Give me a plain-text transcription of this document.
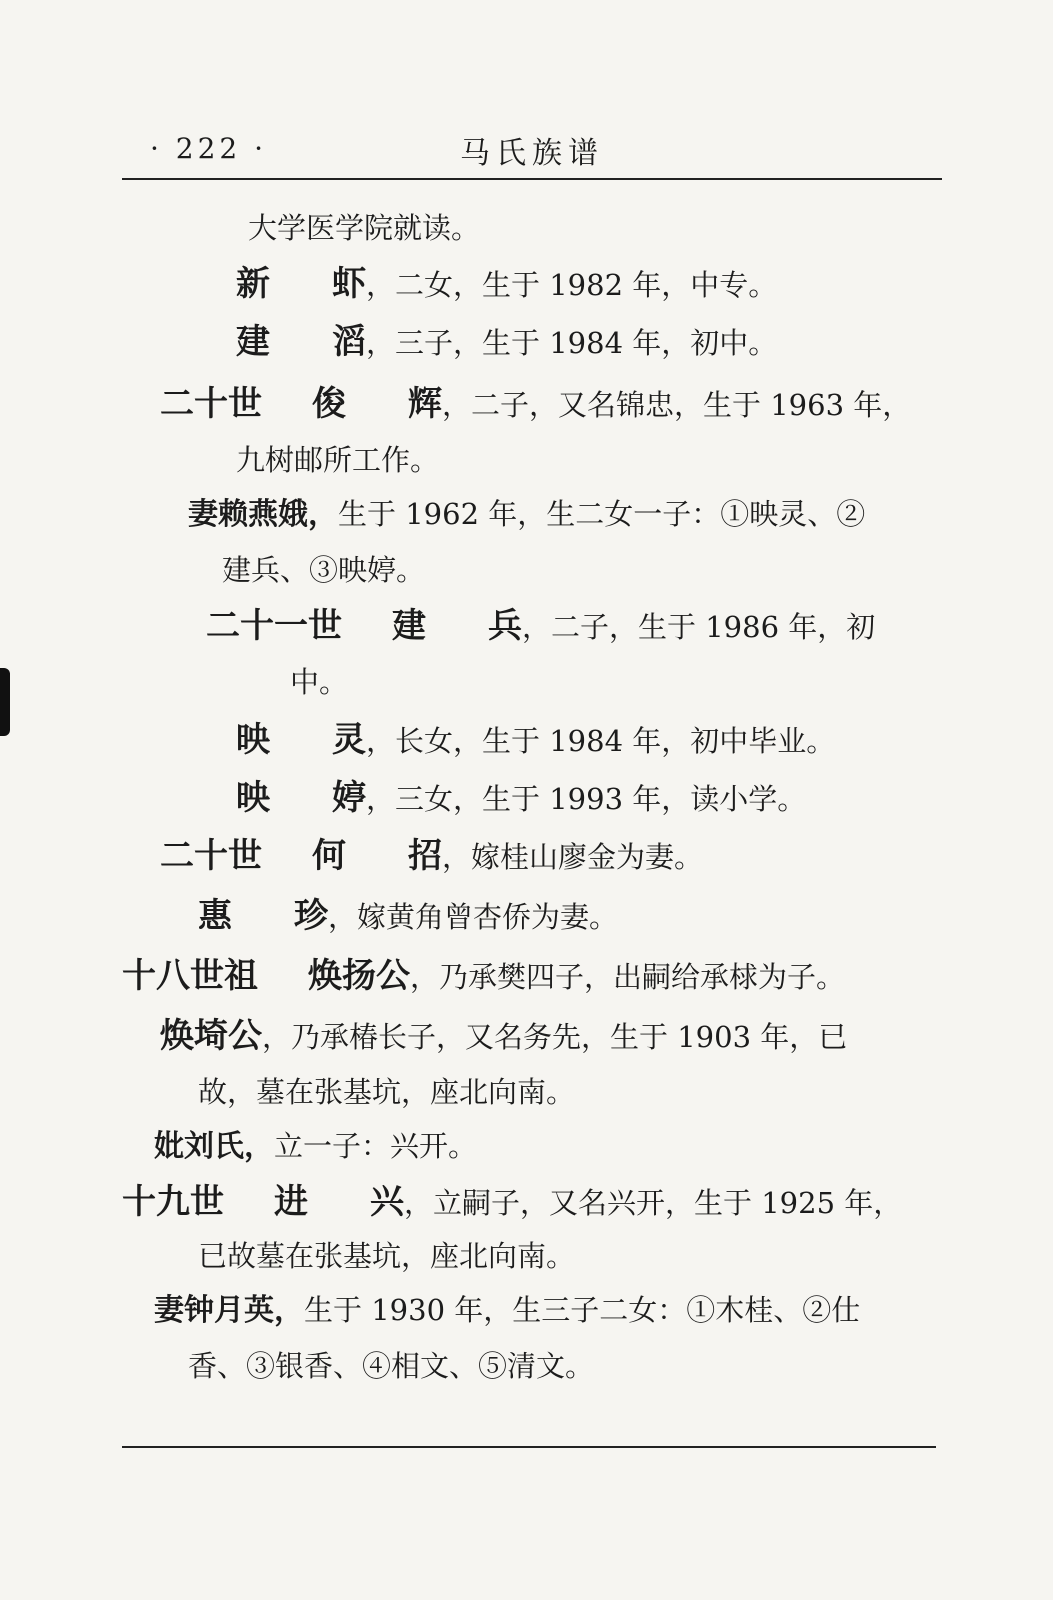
· 222 ·	马氏族谱
大学医学院就读。
新 虾，二女，生于 1982 年，中专。
建 滔，三子，生于 1984 年，初中。
二十世 俊 辉，二子，又名锦忠，生于 1963 年，
九树邮所工作。
妻赖燕娥，生于 1962 年，生二女一子：①映灵、②
建兵、③映婷。
二十一世 建 兵，二子，生于 1986 年，初
中。
映 灵，长女，生于 1984 年，初中毕业。
映 婷，三女，生于 1993 年，读小学。
二十世 何 招，嫁桂山廖金为妻。
惠 珍，嫁黄角曾杏侨为妻。
十八世祖 焕扬公，乃承樊四子，出嗣给承梂为子。
焕埼公，乃承椿长子，又名务先，生于 1903 年，已
故，墓在张基坑，座北向南。
妣刘氏，立一子：兴开。
十九世 进 兴，立嗣子，又名兴开，生于 1925 年，
已故墓在张基坑，座北向南。
妻钟月英，生于 1930 年，生三子二女：①木桂、②仕
香、③银香、④相文、⑤清文。
